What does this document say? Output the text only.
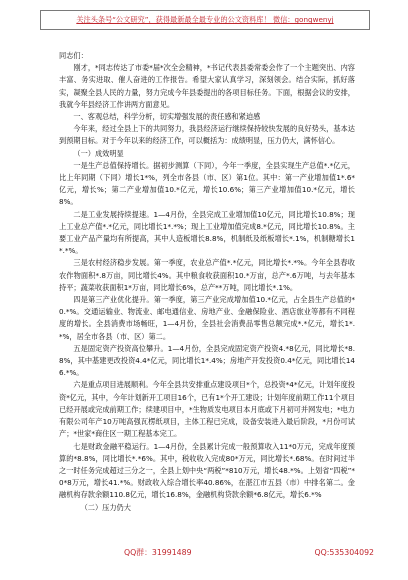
关注头条号“公文研究”，获得最新最全最专业的公文资料库！ 微信：gongwenyj

同志们：

刚才，*同志传达了市委*届*次全会精神，*书记代表县委常委会作了一个主题突出、内容丰富、务实进取、催人奋进的工作报告。希望大家认真学习，深刻领会。结合实际，抓好落实，凝聚全县人民的力量，努力完成今年县委提出的各项目标任务。下面，根据会议的安排，我就今年县经济工作讲两方面意见。

一、客观总结，科学分析，切实增强发展的责任感和紧迫感

今年来，经过全县上下的共同努力，我县经济运行继续保持较快发展的良好势头，基本达到预期目标。对于今年以来的经济工作，可以概括为：成绩明显，压力仍大，满怀信心。

（一）成效明显

一是生产总值保持增长。据初步测算（下同），今年一季度，全县实现生产总值*.*亿元，比上年同期（下同）增长1*%，列全市各县（市、区）第1位。其中：第一产业增加值1*.6*亿元，增长%；第二产业增加值10.*亿元，增长10.6%；第三产业增加值10.*亿元，增长8%。

二是工业发展持续提速。1—4月份，全县完成工业增加值10亿元，同比增长10.8%；现上工业总产值*.*亿元，同比增长1*.*%；现上工业增加值完成8.*亿元，同比增长10.8%。主要工业产品产量均有所提高，其中人造板增长8.8%，机制纸及纸板增长*.1%，机制糖增长1*.*%。

三是农村经济稳步发展。第一季度，农业总产值*.*亿元，同比增长*.*%。今年全县春收农作物面积*.8万亩，同比增长4%。其中粮食收获面积10.*万亩，总产*.6万吨，与去年基本持平；蔬菜收获面积1*万亩，同比增长6%，总产**万吨，同比增长*.1%。

四是第三产业优化提升。第一季度，第三产业完成增加值10.*亿元，占全县生产总值的*0.*%。交通运输业、物流业、邮电通信业、房地产业、金融保险业、酒店旅业等都有不同程度的增长。全县消费市场畅旺，1—4月份，全县社会消费品零售总额完成*.*亿元，增长1*.*%，居全市各县（市、区）第二。

五是固定资产投资高位攀升。1—4月份，全县完成固定资产投资4.*8亿元，同比增长*8.8%，其中基建更改投资4.4*亿元，同比增长1*.4%；房地产开发投资0.4*亿元，同比增长146.*%。

六是重点项目进展顺利。今年全县共安排重点建设项目*个，总投资*4*亿元，计划年度投资*亿元，其中，今年计划新开工项目16个，已有1*个开工建设；计划年度前期工作11个项目已经开展或完成前期工作；续建项目中，*生物质发电项目本月底或下月初可并网发电；*电力有限公司年产10万吨高强瓦楞纸项目，主体工程已完成，设备安装进入最后阶段，*月份可试产；*世家*商住区一期工程基本完工。

七是财政金融平稳运行。1—4月份，全县累计完成一般预算收入11*0万元，完成年度预算的*8.8%，同比增长*.*6%。其中，税收收入完成80*万元，同比增长*.68%。在时间过半之一时任务完成超过三分之一，全县上划中央“两税”*810万元，增长48.*%。上划省“四税”*0*8万元，增长41.*%。财政收入综合增长率40.86%，在湛江市五县（市）中排名第二。金融机构存款余额110.8亿元，增长16.8%，金融机构贷款余额*6.8亿元，增长6.*%

（二）压力仍大

QQ群：31991489	QQ:535304092
